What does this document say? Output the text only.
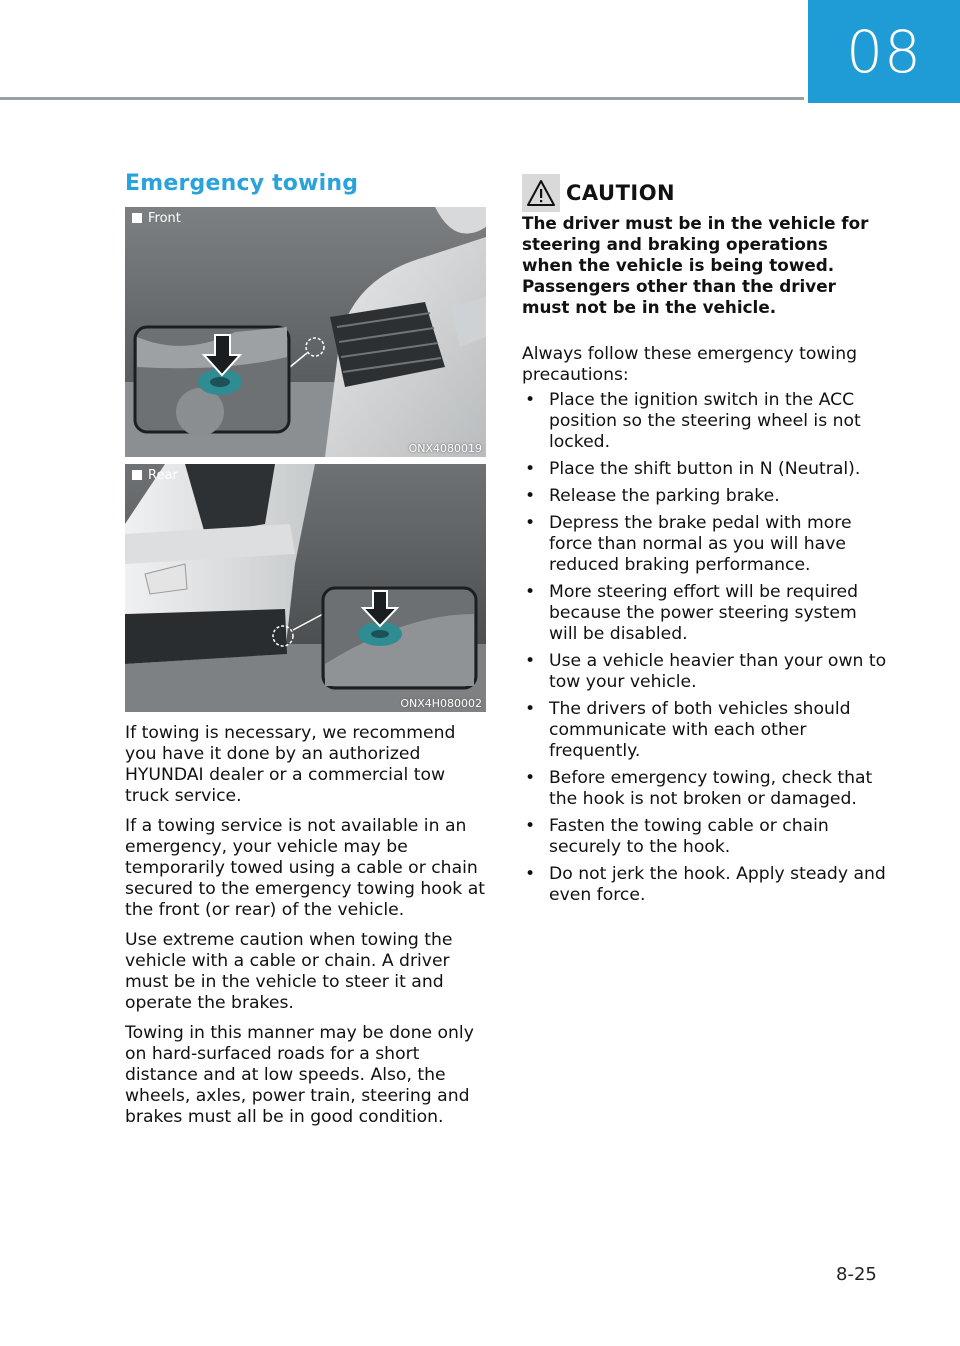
08
Emergency towing
Front
ONX4080019
Rear
ONX4H080002

If towing is necessary, we recommend you have it done by an authorized HYUNDAI dealer or a commercial tow truck service.

If a towing service is not available in an emergency, your vehicle may be temporarily towed using a cable or chain secured to the emergency towing hook at the front (or rear) of the vehicle.

Use extreme caution when towing the vehicle with a cable or chain. A driver must be in the vehicle to steer it and operate the brakes.

Towing in this manner may be done only on hard-surfaced roads for a short distance and at low speeds. Also, the wheels, axles, power train, steering and brakes must all be in good condition.

CAUTION
The driver must be in the vehicle for steering and braking operations when the vehicle is being towed. Passengers other than the driver must not be in the vehicle.
Always follow these emergency towing precautions:
• Place the ignition switch in the ACC position so the steering wheel is not locked.
• Place the shift button in N (Neutral).
• Release the parking brake.
• Depress the brake pedal with more force than normal as you will have reduced braking performance.
• More steering effort will be required because the power steering system will be disabled.
• Use a vehicle heavier than your own to tow your vehicle.
• The drivers of both vehicles should communicate with each other frequently.
• Before emergency towing, check that the hook is not broken or damaged.
• Fasten the towing cable or chain securely to the hook.
• Do not jerk the hook. Apply steady and even force.
8-25
